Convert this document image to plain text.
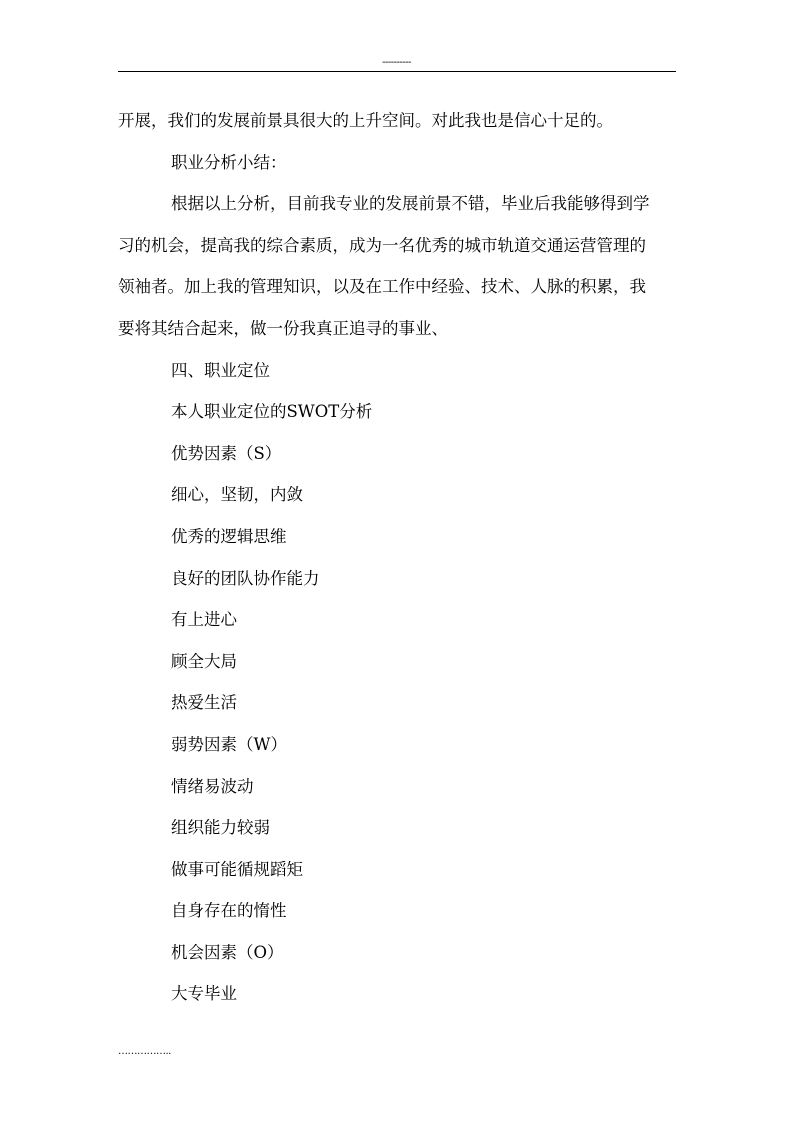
----------

开展，我们的发展前景具很大的上升空间。对此我也是信心十足的。

职业分析小结：

根据以上分析，目前我专业的发展前景不错，毕业后我能够得到学

习的机会，提高我的综合素质，成为一名优秀的城市轨道交通运营管理的

领袖者。加上我的管理知识，以及在工作中经验、技术、人脉的积累，我

要将其结合起来，做一份我真正追寻的事业、

四、职业定位

本人职业定位的SWOT分析

优势因素（S）

细心，坚韧，内敛

优秀的逻辑思维

良好的团队协作能力

有上进心

顾全大局

热爱生活

弱势因素（W）

情绪易波动

组织能力较弱

做事可能循规蹈矩

自身存在的惰性

机会因素（O）

大专毕业

……………..
